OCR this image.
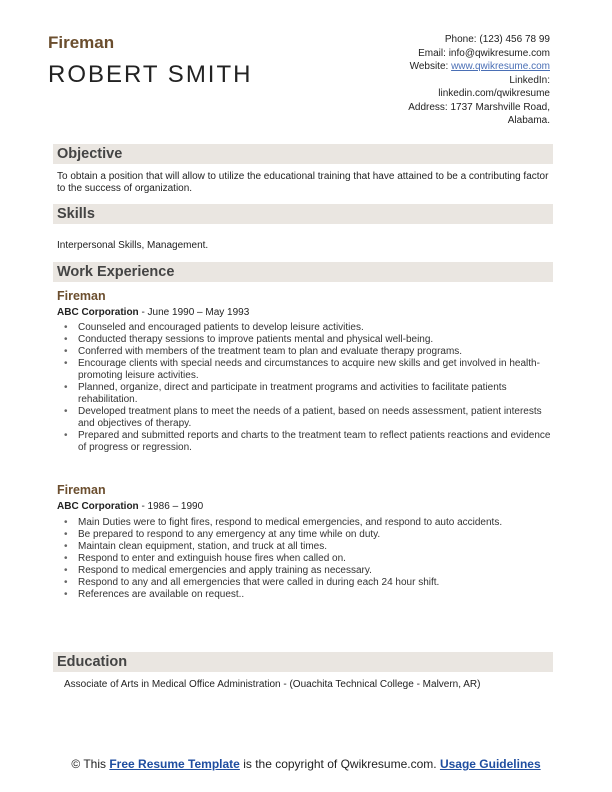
Fireman
ROBERT SMITH
Phone: (123) 456 78 99
Email: info@qwikresume.com
Website: www.qwikresume.com
LinkedIn:
linkedin.com/qwikresume
Address: 1737 Marshville Road, Alabama.
Objective
To obtain a position that will allow to utilize the educational training that have attained to be a contributing factor to the success of organization.
Skills
Interpersonal Skills, Management.
Work Experience
Fireman
ABC Corporation - June 1990 – May 1993
• Counseled and encouraged patients to develop leisure activities.
• Conducted therapy sessions to improve patients mental and physical well-being.
• Conferred with members of the treatment team to plan and evaluate therapy programs.
• Encourage clients with special needs and circumstances to acquire new skills and get involved in health-promoting leisure activities.
• Planned, organize, direct and participate in treatment programs and activities to facilitate patients rehabilitation.
• Developed treatment plans to meet the needs of a patient, based on needs assessment, patient interests and objectives of therapy.
• Prepared and submitted reports and charts to the treatment team to reflect patients reactions and evidence of progress or regression.
Fireman
ABC Corporation - 1986 – 1990
• Main Duties were to fight fires, respond to medical emergencies, and respond to auto accidents.
• Be prepared to respond to any emergency at any time while on duty.
• Maintain clean equipment, station, and truck at all times.
• Respond to enter and extinguish house fires when called on.
• Respond to medical emergencies and apply training as necessary.
• Respond to any and all emergencies that were called in during each 24 hour shift.
• References are available on request..
Education
Associate of Arts in Medical Office Administration - (Ouachita Technical College - Malvern, AR)
© This Free Resume Template is the copyright of Qwikresume.com. Usage Guidelines
